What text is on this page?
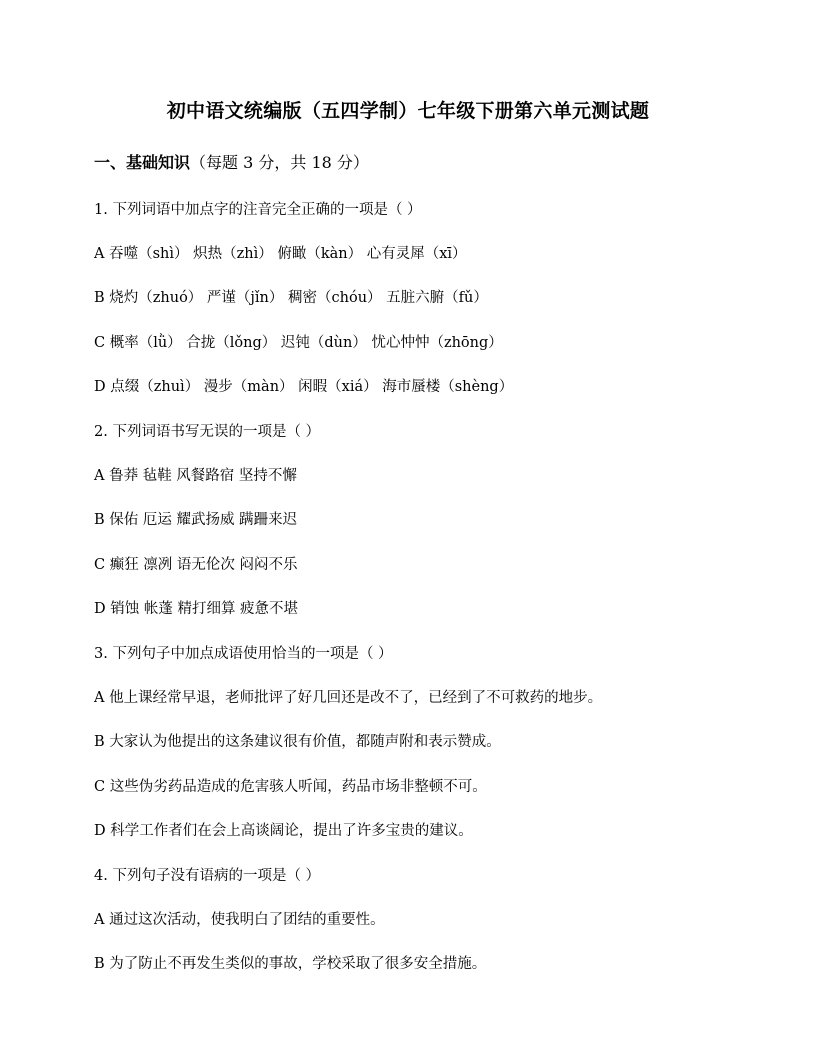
初中语文统编版（五四学制）七年级下册第六单元测试题
一、基础知识（每题 3 分，共 18 分）
1. 下列词语中加点字的注音完全正确的一项是（ ）
A 吞噬（shì） 炽热（zhì） 俯瞰（kàn） 心有灵犀（xī）
B 烧灼（zhuó） 严谨（jǐn） 稠密（chóu） 五脏六腑（fǔ）
C 概率（lǜ） 合拢（lǒng） 迟钝（dùn） 忧心忡忡（zhōng）
D 点缀（zhuì） 漫步（màn） 闲暇（xiá） 海市蜃楼（shèng）
2. 下列词语书写无误的一项是（ ）
A 鲁莽 毡鞋 风餐路宿 坚持不懈
B 保佑 厄运 耀武扬威 蹒跚来迟
C 癫狂 凛冽 语无伦次 闷闷不乐
D 销蚀 帐蓬 精打细算 疲惫不堪
3. 下列句子中加点成语使用恰当的一项是（ ）
A 他上课经常早退，老师批评了好几回还是改不了，已经到了不可救药的地步。
B 大家认为他提出的这条建议很有价值，都随声附和表示赞成。
C 这些伪劣药品造成的危害骇人听闻，药品市场非整顿不可。
D 科学工作者们在会上高谈阔论，提出了许多宝贵的建议。
4. 下列句子没有语病的一项是（ ）
A 通过这次活动，使我明白了团结的重要性。
B 为了防止不再发生类似的事故，学校采取了很多安全措施。
